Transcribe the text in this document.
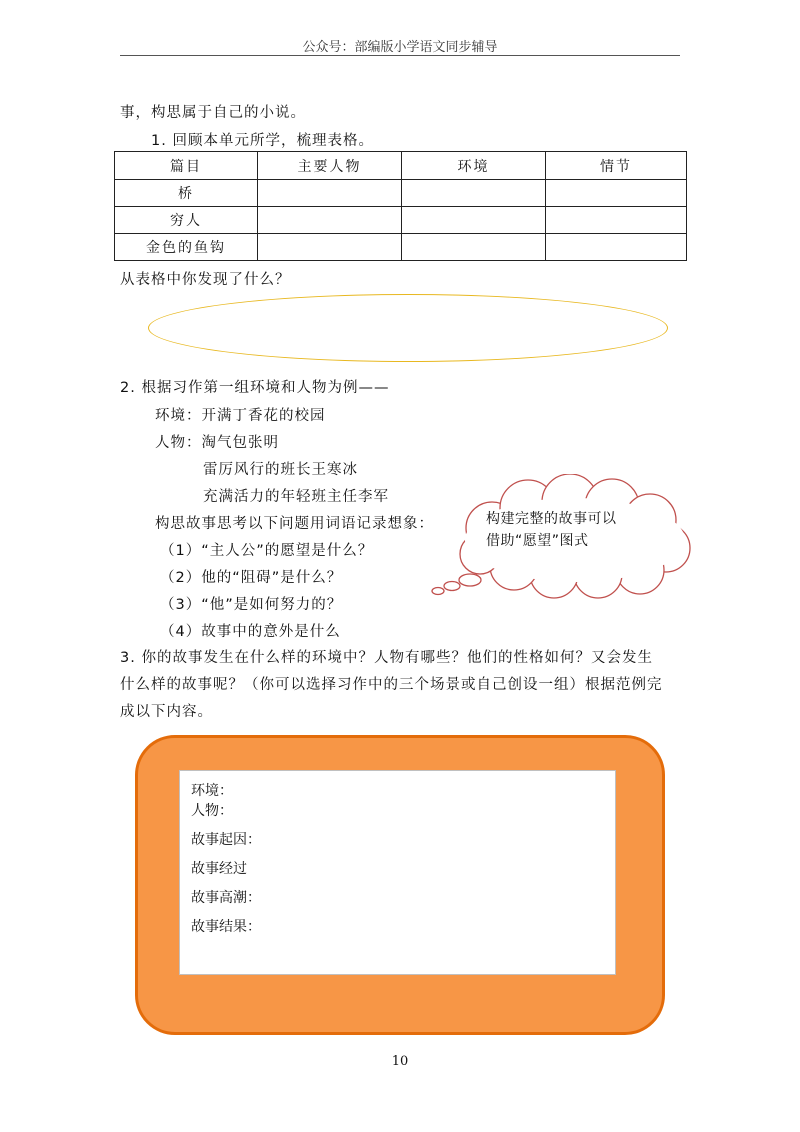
公众号：部编版小学语文同步辅导
事，构思属于自己的小说。
1. 回顾本单元所学，梳理表格。
篇目	主要人物	环境	情节
桥			
穷人			
金色的鱼钩			
从表格中你发现了什么？
2. 根据习作第一组环境和人物为例——
环境：开满丁香花的校园
人物：淘气包张明
雷厉风行的班长王寒冰
充满活力的年轻班主任李军
构思故事思考以下问题用词语记录想象：
（1）“主人公”的愿望是什么？
（2）他的“阻碍”是什么？
（3）“他”是如何努力的？
（4）故事中的意外是什么
构建完整的故事可以
借助“愿望”图式
3. 你的故事发生在什么样的环境中？人物有哪些？他们的性格如何？又会发生
什么样的故事呢？（你可以选择习作中的三个场景或自己创设一组）根据范例完
成以下内容。
环境：
人物：
故事起因：
故事经过
故事高潮：
故事结果：
10
